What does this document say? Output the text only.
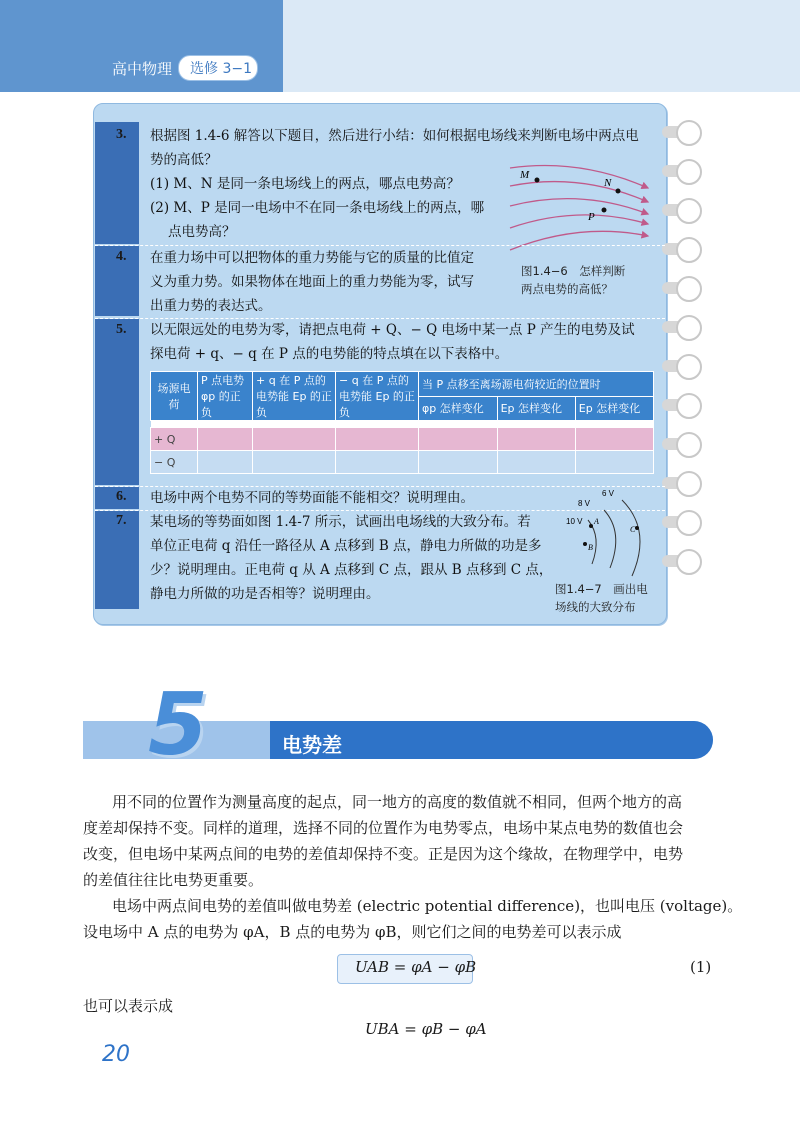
高中物理 选修 3−1
3. 根据图 1.4-6 解答以下题目，然后进行小结：如何根据电场线来判断电场中两点电
势的高低？
(1) M、N 是同一条电场线上的两点，哪点电势高？
(2) M、P 是同一电场中不在同一条电场线上的两点，哪
点电势高？
M
N
P
图1.4−6　怎样判断
两点电势的高低？
4. 在重力场中可以把物体的重力势能与它的质量的比值定
义为重力势。如果物体在地面上的重力势能为零，试写
出重力势的表达式。
5. 以无限远处的电势为零，请把点电荷 + Q、− Q 电场中某一点 P 产生的电势及试
探电荷 + q、− q 在 P 点的电势能的特点填在以下表格中。
场源电荷	P 点电势φp 的正负	+ q 在 P 点的电势能 Ep 的正负	− q 在 P 点的电势能 Ep 的正负	当 P 点移至离场源电荷较近的位置时		
				φp 怎样变化	Ep 怎样变化	Ep 怎样变化

+ Q						
− Q						
6. 电场中两个电势不同的等势面能不能相交？说明理由。
7. 某电场的等势面如图 1.4-7 所示，试画出电场线的大致分布。若
单位正电荷 q 沿任一路径从 A 点移到 B 点，静电力所做的功是多
少？说明理由。正电荷 q 从 A 点移到 C 点，跟从 B 点移到 C 点，
静电力所做的功是否相等？说明理由。
10 V
8 V
6 V
A
B
C
图1.4−7　画出电
场线的大致分布
5	电势差
用不同的位置作为测量高度的起点，同一地方的高度的数值就不相同，但两个地方的高
度差却保持不变。同样的道理，选择不同的位置作为电势零点，电场中某点电势的数值也会
改变，但电场中某两点间的电势的差值却保持不变。正是因为这个缘故，在物理学中，电势
的差值往往比电势更重要。
电场中两点间电势的差值叫做电势差 (electric potential difference)，也叫电压 (voltage)。
设电场中 A 点的电势为 φA，B 点的电势为 φB，则它们之间的电势差可以表示成
UAB = φA − φB	(1)
也可以表示成
UBA = φB − φA
20
